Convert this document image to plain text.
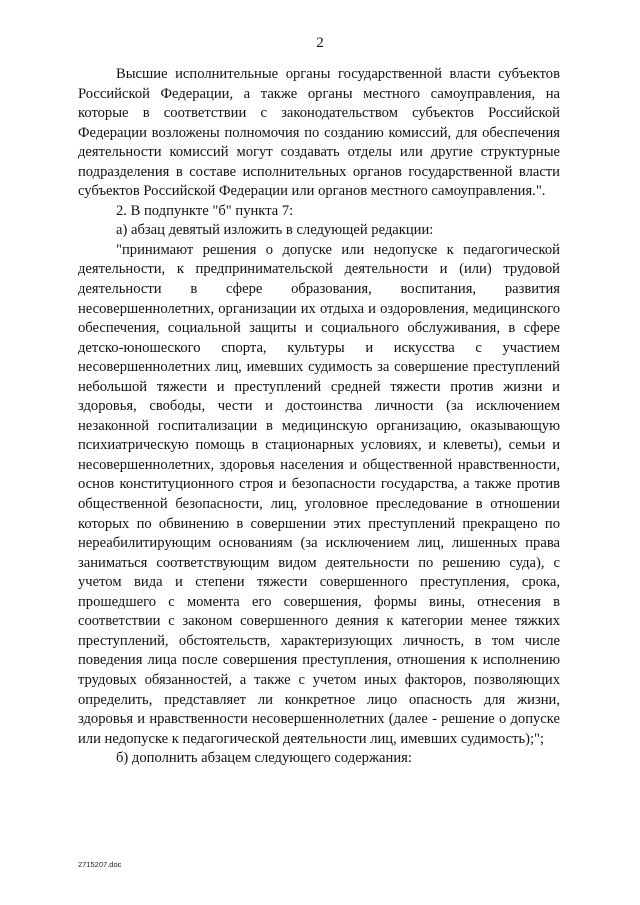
2

Высшие исполнительные органы государственной власти субъектов Российской Федерации, а также органы местного самоуправления, на которые в соответствии с законодательством субъектов Российской Федерации возложены полномочия по созданию комиссий, для обеспечения деятельности комиссий могут создавать отделы или другие структурные подразделения в составе исполнительных органов государственной власти субъектов Российской Федерации или органов местного самоуправления.".

2. В подпункте "б" пункта 7:

а) абзац девятый изложить в следующей редакции:

"принимают решения о допуске или недопуске к педагогической деятельности, к предпринимательской деятельности и (или) трудовой деятельности в сфере образования, воспитания, развития несовершеннолетних, организации их отдыха и оздоровления, медицинского обеспечения, социальной защиты и социального обслуживания, в сфере детско-юношеского спорта, культуры и искусства с участием несовершеннолетних лиц, имевших судимость за совершение преступлений небольшой тяжести и преступлений средней тяжести против жизни и здоровья, свободы, чести и достоинства личности (за исключением незаконной госпитализации в медицинскую организацию, оказывающую психиатрическую помощь в стационарных условиях, и клеветы), семьи и несовершеннолетних, здоровья населения и общественной нравственности, основ конституционного строя и безопасности государства, а также против общественной безопасности, лиц, уголовное преследование в отношении которых по обвинению в совершении этих преступлений прекращено по нереабилитирующим основаниям (за исключением лиц, лишенных права заниматься соответствующим видом деятельности по решению суда), с учетом вида и степени тяжести совершенного преступления, срока, прошедшего с момента его совершения, формы вины, отнесения в соответствии с законом совершенного деяния к категории менее тяжких преступлений, обстоятельств, характеризующих личность, в том числе поведения лица после совершения преступления, отношения к исполнению трудовых обязанностей, а также с учетом иных факторов, позволяющих определить, представляет ли конкретное лицо опасность для жизни, здоровья и нравственности несовершеннолетних (далее - решение о допуске или недопуске к педагогической деятельности лиц, имевших судимость);";

б) дополнить абзацем следующего содержания:

2715207.doc
